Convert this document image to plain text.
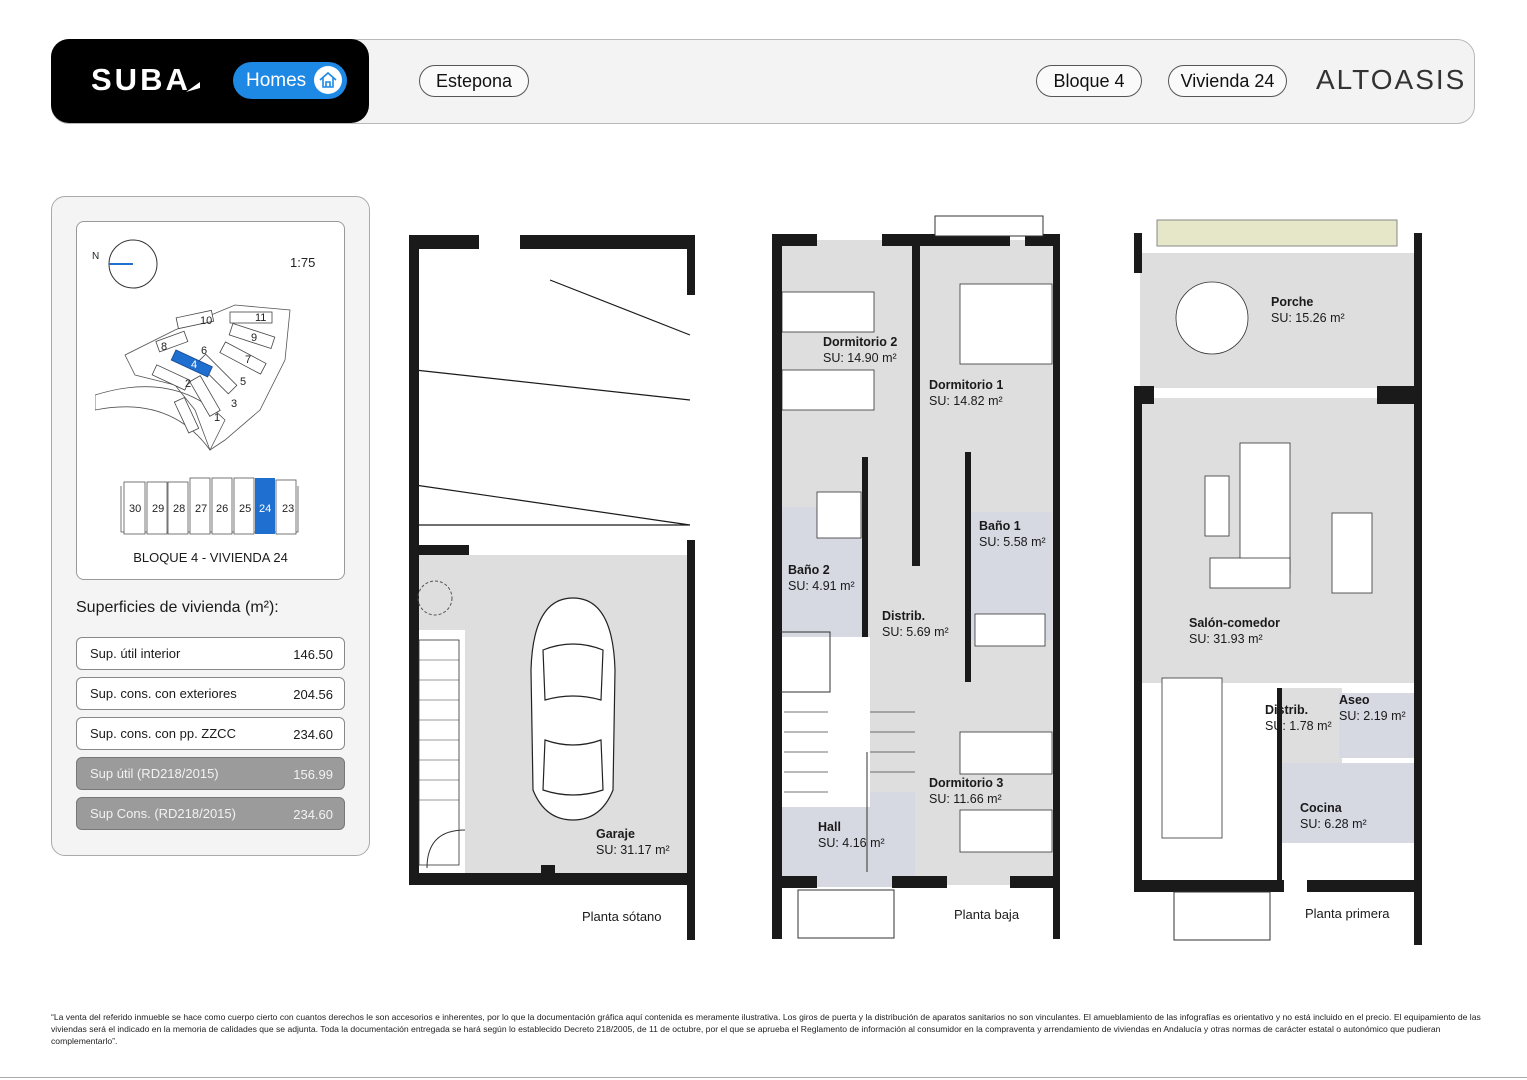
SUBA	Homes	Estepona	Bloque 4	Vivienda 24	ALTOASIS
N	1:75
1
2
3
4
5
6
7
8
9
10	11
30 29 28 27 26 25 24 23
BLOQUE 4 - VIVIENDA 24
Superficies de vivienda (m²):
Sup. útil interior	146.50
Sup. cons. con exteriores	204.56
Sup. cons. con pp. ZZCC	234.60
Sup útil (RD218/2015)	156.99
Sup Cons. (RD218/2015)	234.60
Garaje
SU: 31.17 m²
Planta sótano
Dormitorio 2
SU: 14.90 m²
Dormitorio 1
SU: 14.82 m²
Baño 1
SU: 5.58 m²
Baño 2
SU: 4.91 m²
Distrib.
SU: 5.69 m²
Dormitorio 3
SU: 11.66 m²
Hall
SU: 4.16 m²
Planta baja
Porche
SU: 15.26 m²
Salón-comedor
SU: 31.93 m²
Distrib.
SU: 1.78 m²
Aseo
SU: 2.19 m²
Cocina
SU: 6.28 m²
Planta primera
“La venta del referido inmueble se hace como cuerpo cierto con cuantos derechos le son accesorios e inherentes, por lo que la documentación gráfica aquí contenida es meramente ilustrativa. Los giros de puerta y la distribución de aparatos sanitarios no son vinculantes. El amueblamiento de las infografías es orientativo y no está incluido en el precio. El equipamiento de las viviendas será el indicado en la memoria de calidades que se adjunta. Toda la documentación entregada se hará según lo establecido Decreto 218/2005, de 11 de octubre, por el que se aprueba el Reglamento de información al consumidor en la compraventa y arrendamiento de viviendas en Andalucía y otras normas de carácter estatal o autonómico que pudieran complementarlo”.
